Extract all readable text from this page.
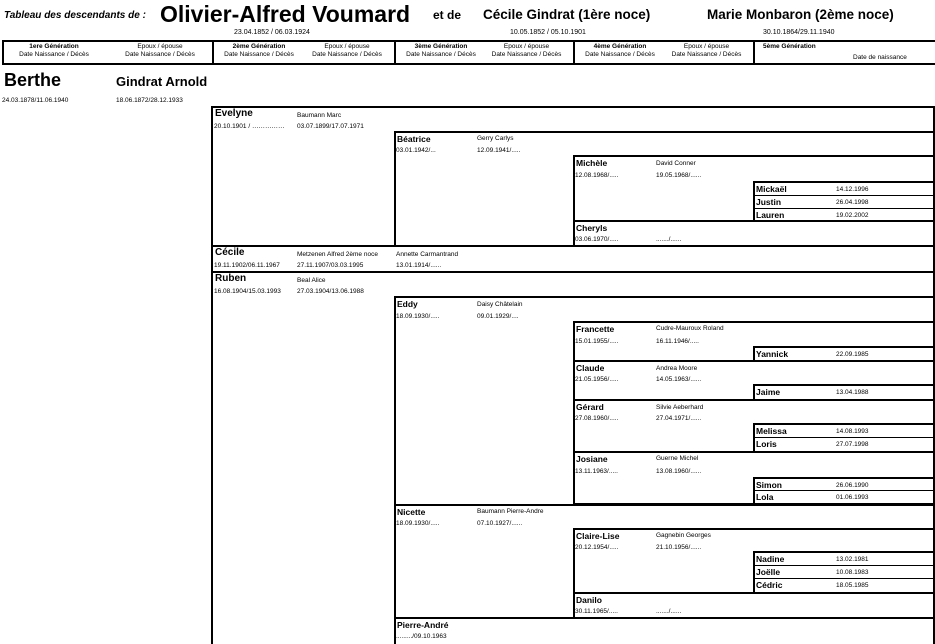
Tableau des descendants de : Olivier-Alfred Voumard
23.04.1852 / 06.03.1924
et de Cécile Gindrat (1ère noce)
10.05.1852 / 05.10.1901
Marie Monbaron (2ème noce)
30.10.1864/29.11.1940
1ere Génération
Date Naissance / Décès
Epoux / épouse
Date Naissance / Décès
2ème Génération
Date Naissance / Décès
Epoux / épouse
Date Naissance / Décès
3ème Génération
Date Naissance / Décès
Epoux / épouse
Date Naissance / Décès
4ème Génération
Date Naissance / Décès
Epoux / épouse
Date Naissance / Décès
5ème Génération
Date de naissance
Berthe
24.03.1878/11.06.1940
Gindrat Arnold
18.06.1872/28.12.1933
Evelyne
20.10.1901 / ……………
Baumann Marc
03.07.1899/17.07.1971
Cécile
19.11.1902/06.11.1967
Metzenen Alfred 2ème noce
27.11.1907/03.03.1995
Annette Carmantrand
13.01.1914/......
Ruben
16.08.1904/15.03.1993
Beal Alice
27.03.1904/13.06.1988
Béatrice
03.01.1942/...
Gerry Carlys
12.09.1941/.....
Michèle
12.08.1968/.....
David Conner
19.05.1968/......
Cheryls
03.06.1970/.....	......./......
Mickaël	14.12.1996
Justin	26.04.1998
Lauren	19.02.2002
Eddy
18.09.1930/.....
Daisy Châtelain
09.01.1929/....
Francette
15.01.1955/.....
Cudre-Mauroux Roland
16.11.1946/.....
Yannick	22.09.1985
Claude
21.05.1956/.....
Andrea Moore
14.05.1963/......
Jaime	13.04.1988
Gérard
27.08.1960/.....
Silvie Aeberhard
27.04.1971/......
Melissa	14.08.1993
Loris	27.07.1998
Josiane
13.11.1963/.....
Guerne Michel
13.08.1960/......
Simon	26.06.1990
Lola	01.06.1993
Nicette
18.09.1930/.....
Baumann Pierre-Andre
07.10.1927/......
Claire-Lise
20.12.1954/.....
Gagnebin Georges
21.10.1956/......
Nadine	13.02.1981
Joëlle	10.08.1983
Cédric	18.05.1985
Danilo
30.11.1965/.....	......./......
Pierre-André
........./09.10.1963
